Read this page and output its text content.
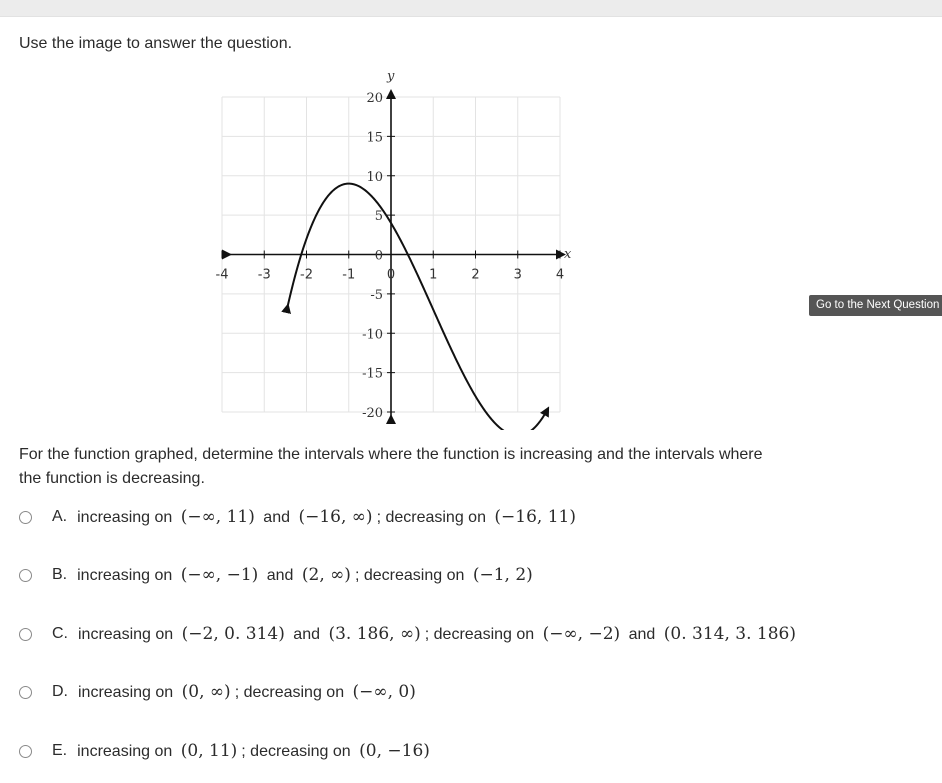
Use the image to answer the question.
-4 -3 -2 -1 0	1	2	3	4
20
15
10
5
0
-5
-10
-15
-20
x
y
Go to the Next Question
For the function graphed, determine the intervals where the function is increasing and the intervals where the function is decreasing.
A. increasing on (−∞, 11) and (−16, ∞) ; decreasing on (−16, 11)
B. increasing on (−∞, −1) and (2, ∞) ; decreasing on (−1, 2)
C. increasing on (−2, 0. 314) and (3. 186, ∞) ; decreasing on (−∞, −2) and (0. 314, 3. 186)
D. increasing on (0, ∞) ; decreasing on (−∞, 0)
E. increasing on (0, 11) ; decreasing on (0, −16)
